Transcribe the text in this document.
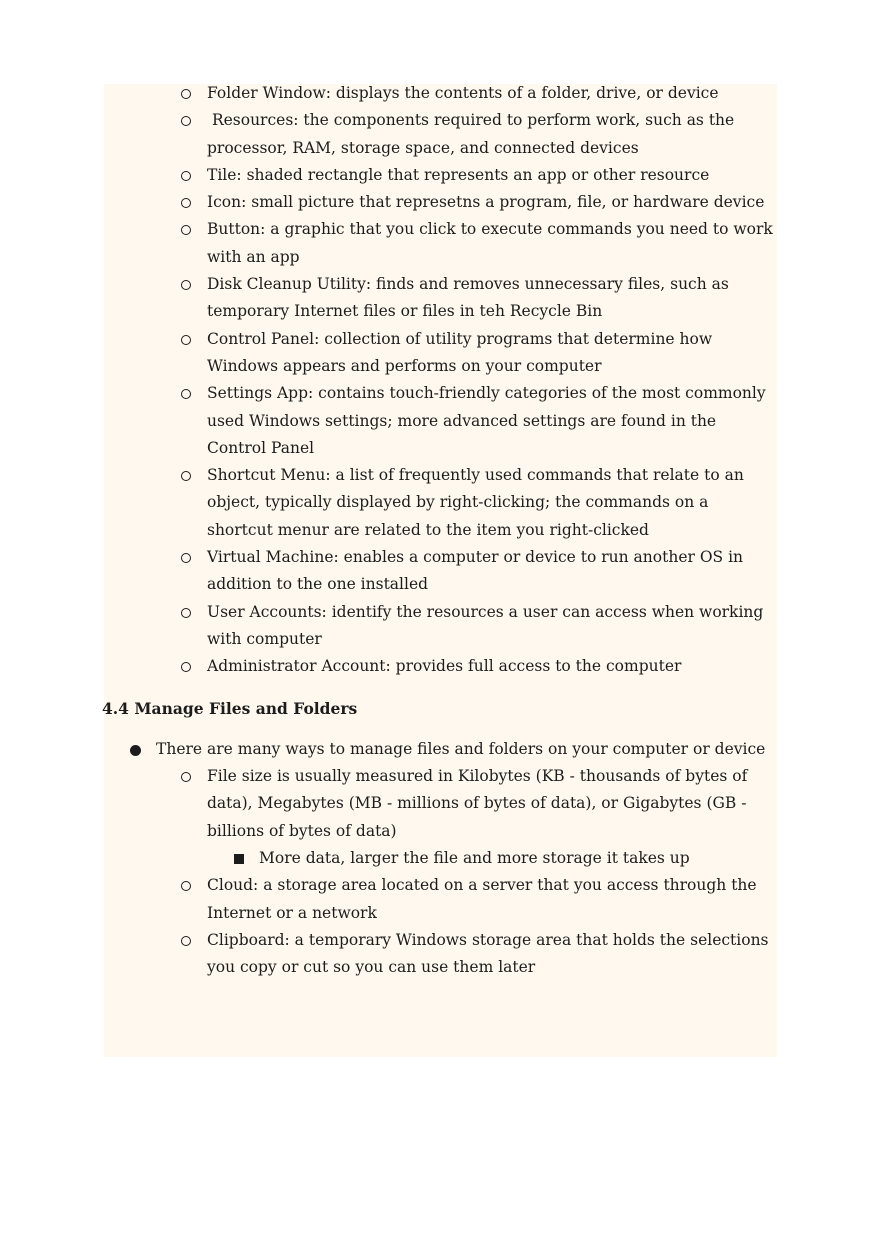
Folder Window: displays the contents of a folder, drive, or device
Resources: the components required to perform work, such as the processor, RAM, storage space, and connected devices
Tile: shaded rectangle that represents an app or other resource
Icon: small picture that represetns a program, file, or hardware device
Button: a graphic that you click to execute commands you need to work with an app
Disk Cleanup Utility: finds and removes unnecessary files, such as temporary Internet files or files in teh Recycle Bin
Control Panel: collection of utility programs that determine how Windows appears and performs on your computer
Settings App: contains touch-friendly categories of the most commonly used Windows settings; more advanced settings are found in the Control Panel
Shortcut Menu: a list of frequently used commands that relate to an object, typically displayed by right-clicking; the commands on a shortcut menur are related to the item you right-clicked
Virtual Machine: enables a computer or device to run another OS in addition to the one installed
User Accounts: identify the resources a user can access when working with computer
Administrator Account: provides full access to the computer
4.4 Manage Files and Folders
There are many ways to manage files and folders on your computer or device
File size is usually measured in Kilobytes (KB - thousands of bytes of data), Megabytes (MB - millions of bytes of data), or Gigabytes (GB - billions of bytes of data)
More data, larger the file and more storage it takes up
Cloud: a storage area located on a server that you access through the Internet or a network
Clipboard: a temporary Windows storage area that holds the selections you copy or cut so you can use them later
